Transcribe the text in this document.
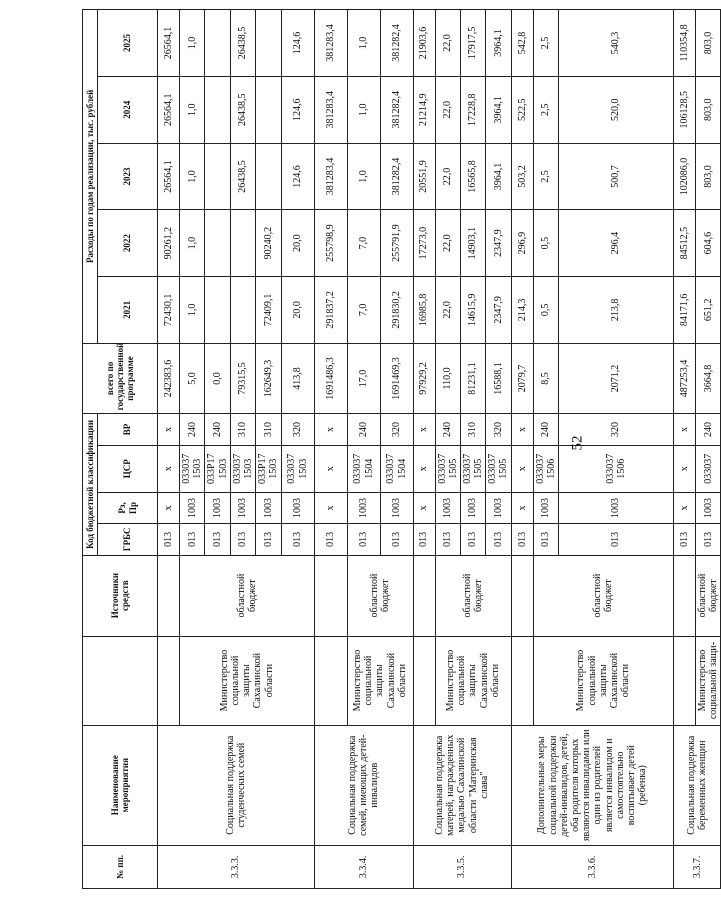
52
№ пп.	Наименование мероприятия		Источники средств	Код бюджетной классификации				всего по государственной программе	Расходы по годам реализации, тыс. рублей				
				ГРБС	Рз, Пр	ЦСР	ВР		2021	2022	2023	2024	2025
3.3.3.	Социальная поддержка студенческих семей			013	x	x	x	242383,6	72430,1	90261,2	26564,1	26564,1	26564,1
		Министерство социальной защиты Сахалинской области	областной бюджет	013	1003	033037 1503	240	5,0	1,0	1,0	1,0	1,0	1,0
				013	1003	033P17 1503	240	0,0					
				013	1003	033037 1503	310	79315,5			26438,5	26438,5	26438,5
				013	1003	033P17 1503	310	162649,3	72409,1	90240,2			
				013	1003	033037 1503	320	413,8	20,0	20,0	124,6	124,6	124,6
3.3.4.	Социальная поддержка семей, имеющих детей-инвалидов			013	x	x	x	1691486,3	291837,2	255798,9	381283,4	381283,4	381283,4
		Министерство социальной защиты Сахалинской области	областной бюджет	013	1003	033037 1504	240	17,0	7,0	7,0	1,0	1,0	1,0
				013	1003	033037 1504	320	1691469,3	291830,2	255791,9	381282,4	381282,4	381282,4
3.3.5.	Социальная поддержка матерей, награжденных медалью Сахалинской области "Материнская слава"			013	x	x	x	97929,2	16985,8	17273,0	20551,9	21214,9	21903,6
		Министерство социальной защиты Сахалинской области	областной бюджет	013	1003	033037 1505	240	110,0	22,0	22,0	22,0	22,0	22,0
				013	1003	033037 1505	310	81231,1	14615,9	14903,1	16565,8	17228,8	17917,5
				013	1003	033037 1505	320	16588,1	2347,9	2347,9	3964,1	3964,1	3964,1
3.3.6.	Дополнительные меры социальной поддержки детей-инвалидов, детей, оба родителя которых являются инвалидами или один из родителей является инвалидом и самостоятельно воспитывает детей (ребенка)			013	x	x	x	2079,7	214,3	296,9	503,2	522,5	542,8
		Министерство социальной защиты Сахалинской области	областной бюджет	013	1003	033037 1506	240	8,5	0,5	0,5	2,5	2,5	2,5
				013	1003	033037 1506	320	2071,2	213,8	296,4	500,7	520,0	540,3
3.3.7.	Социальная поддержка беременных женщин			013	x	x	x	487253,4	84171,6	84512,5	102086,0	106128,5	110354,8
		Министерство социальной защи-	областной бюджет	013	1003	033037	240	3664,8	651,2	604,6	803,0	803,0	803,0
